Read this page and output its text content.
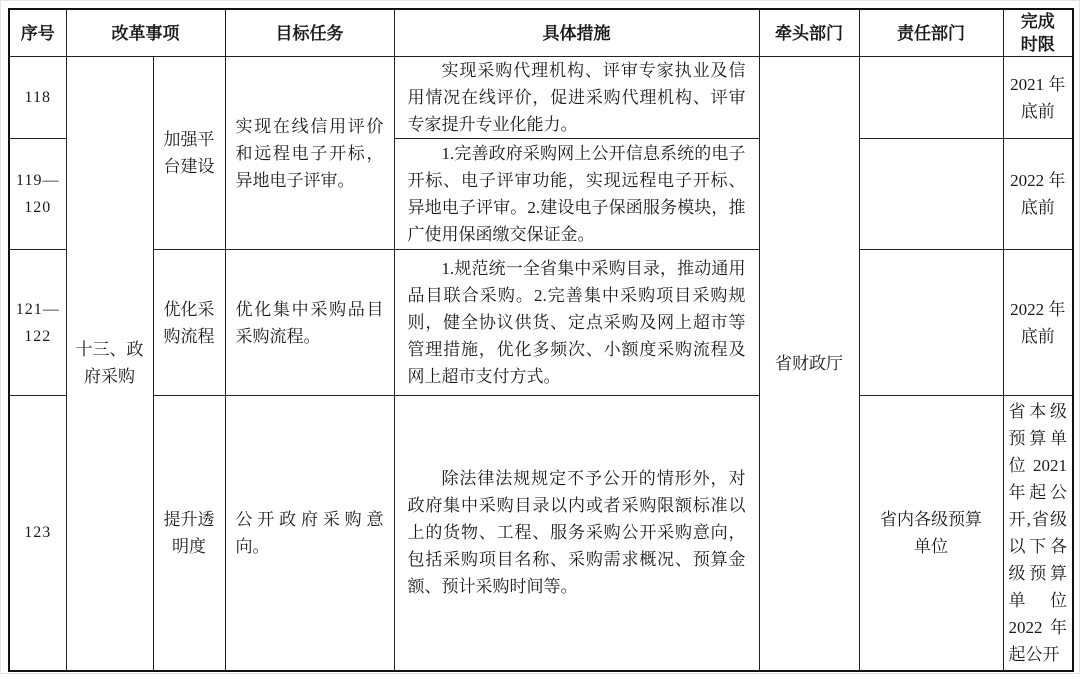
序号	改革事项		目标任务	具体措施	牵头部门	责任部门	完成时限
118	十三、政府采购	加强平台建设	实现在线信用评价和远程电子开标，异地电子评审。	实现采购代理机构、评审专家执业及信用情况在线评价，促进采购代理机构、评审专家提升专业化能力。	省财政厅		2021 年底前
119—120				1.完善政府采购网上公开信息系统的电子开标、电子评审功能，实现远程电子开标、异地电子评审。2.建设电子保函服务模块，推广使用保函缴交保证金。			2022 年底前
121—122		优化采购流程	优化集中采购品目采购流程。	1.规范统一全省集中采购目录，推动通用品目联合采购。2.完善集中采购项目采购规则，健全协议供货、定点采购及网上超市等管理措施，优化多频次、小额度采购流程及网上超市支付方式。			2022 年底前
123		提升透明度	公开政府采购意向。	除法律法规规定不予公开的情形外，对政府集中采购目录以内或者采购限额标准以上的货物、工程、服务采购公开采购意向，包括采购项目名称、采购需求概况、预算金额、预计采购时间等。		省内各级预算单位	省本级预算单位 2021 年起公开,省级以下各级预算单位 2022 年起公开
